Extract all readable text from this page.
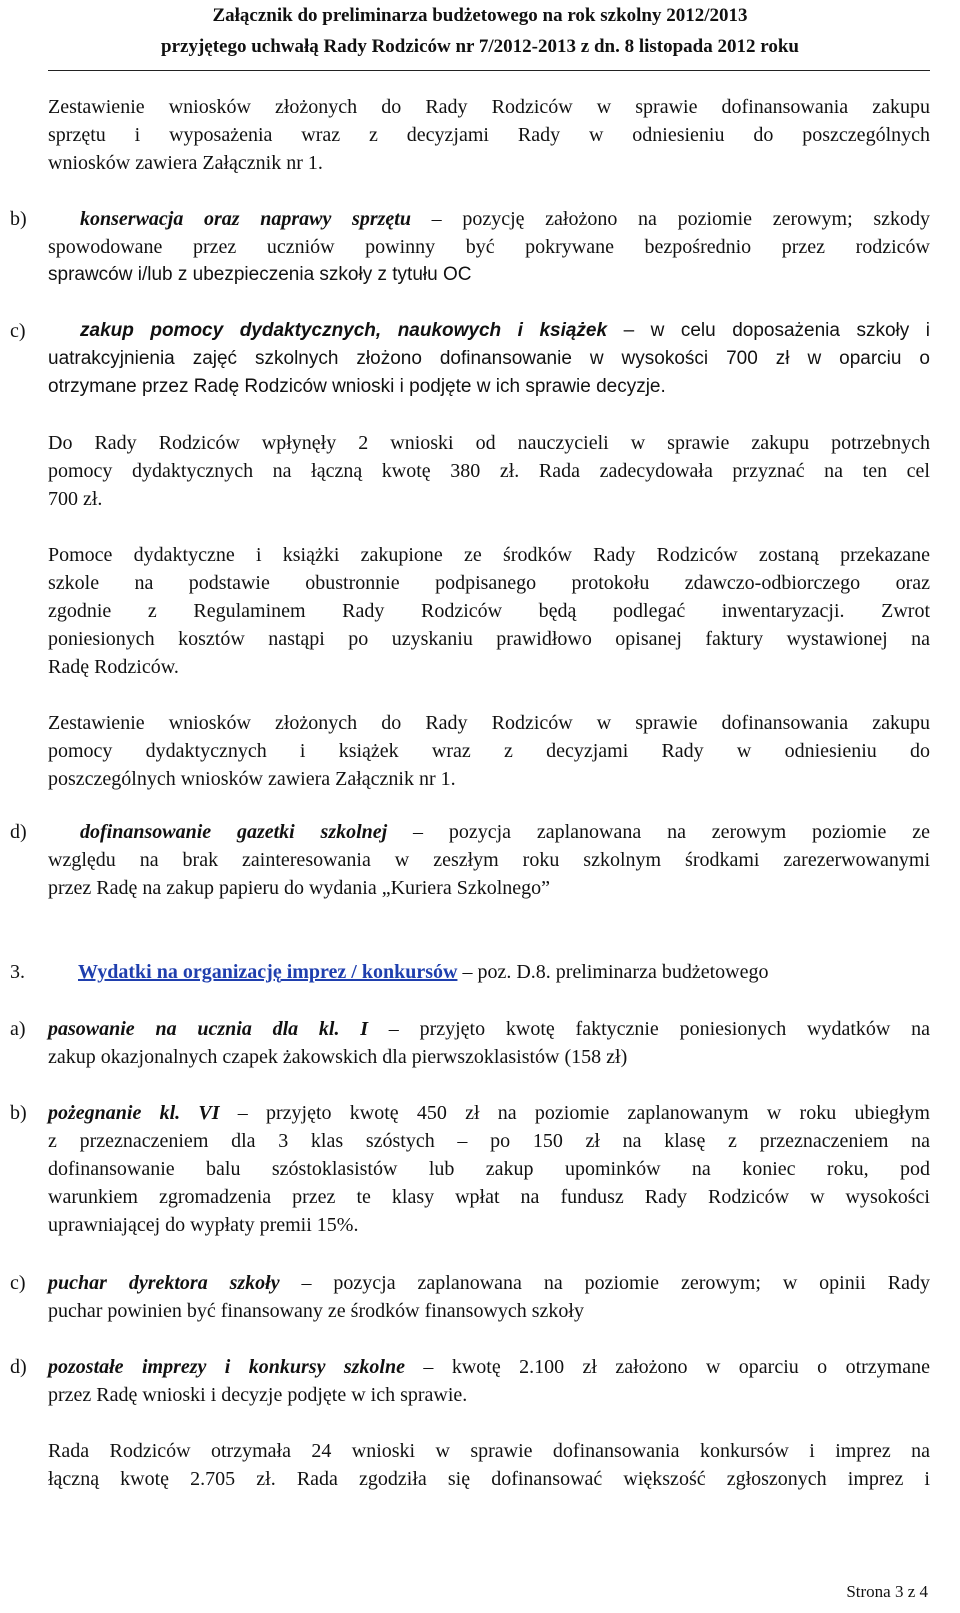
Załącznik do preliminarza budżetowego na rok szkolny 2012/2013
przyjętego uchwałą Rady Rodziców nr 7/2012-2013 z dn. 8 listopada 2012 roku
Zestawienie wniosków złożonych do Rady Rodziców w sprawie dofinansowania zakupu
sprzętu i wyposażenia wraz z decyzjami Rady w odniesieniu do poszczególnych
wniosków zawiera Załącznik nr 1.
b)	konserwacja oraz naprawy sprzętu – pozycję założono na poziomie zerowym; szkody
spowodowane przez uczniów powinny być pokrywane bezpośrednio przez rodziców
sprawców i/lub z ubezpieczenia szkoły z tytułu OC
c)	zakup pomocy dydaktycznych, naukowych i książek – w celu doposażenia szkoły i
uatrakcyjnienia zajęć szkolnych złożono dofinansowanie w wysokości 700 zł w oparciu o
otrzymane przez Radę Rodziców wnioski i podjęte w ich sprawie decyzje.
Do Rady Rodziców wpłynęły 2 wnioski od nauczycieli w sprawie zakupu potrzebnych
pomocy dydaktycznych na łączną kwotę 380 zł. Rada zadecydowała przyznać na ten cel
700 zł.
Pomoce dydaktyczne i książki zakupione ze środków Rady Rodziców zostaną przekazane
szkole na podstawie obustronnie podpisanego protokołu zdawczo-odbiorczego oraz
zgodnie z Regulaminem Rady Rodziców będą podlegać inwentaryzacji. Zwrot
poniesionych kosztów nastąpi po uzyskaniu prawidłowo opisanej faktury wystawionej na
Radę Rodziców.
Zestawienie wniosków złożonych do Rady Rodziców w sprawie dofinansowania zakupu
pomocy dydaktycznych i książek wraz z decyzjami Rady w odniesieniu do
poszczególnych wniosków zawiera Załącznik nr 1.
d)	dofinansowanie gazetki szkolnej – pozycja zaplanowana na zerowym poziomie ze
względu na brak zainteresowania w zeszłym roku szkolnym środkami zarezerwowanymi
przez Radę na zakup papieru do wydania „Kuriera Szkolnego”
3.	Wydatki na organizację imprez / konkursów – poz. D.8. preliminarza budżetowego
a) pasowanie na ucznia dla kl. I – przyjęto kwotę faktycznie poniesionych wydatków na
zakup okazjonalnych czapek żakowskich dla pierwszoklasistów (158 zł)
b) pożegnanie kl. VI – przyjęto kwotę 450 zł na poziomie zaplanowanym w roku ubiegłym
z przeznaczeniem dla 3 klas szóstych – po 150 zł na klasę z przeznaczeniem na
dofinansowanie balu szóstoklasistów lub zakup upominków na koniec roku, pod
warunkiem zgromadzenia przez te klasy wpłat na fundusz Rady Rodziców w wysokości
uprawniającej do wypłaty premii 15%.
c) puchar dyrektora szkoły – pozycja zaplanowana na poziomie zerowym; w opinii Rady
puchar powinien być finansowany ze środków finansowych szkoły
d) pozostałe imprezy i konkursy szkolne – kwotę 2.100 zł założono w oparciu o otrzymane
przez Radę wnioski i decyzje podjęte w ich sprawie.
Rada Rodziców otrzymała 24 wnioski w sprawie dofinansowania konkursów i imprez na
łączną kwotę 2.705 zł. Rada zgodziła się dofinansować większość zgłoszonych imprez i
Strona 3 z 4
